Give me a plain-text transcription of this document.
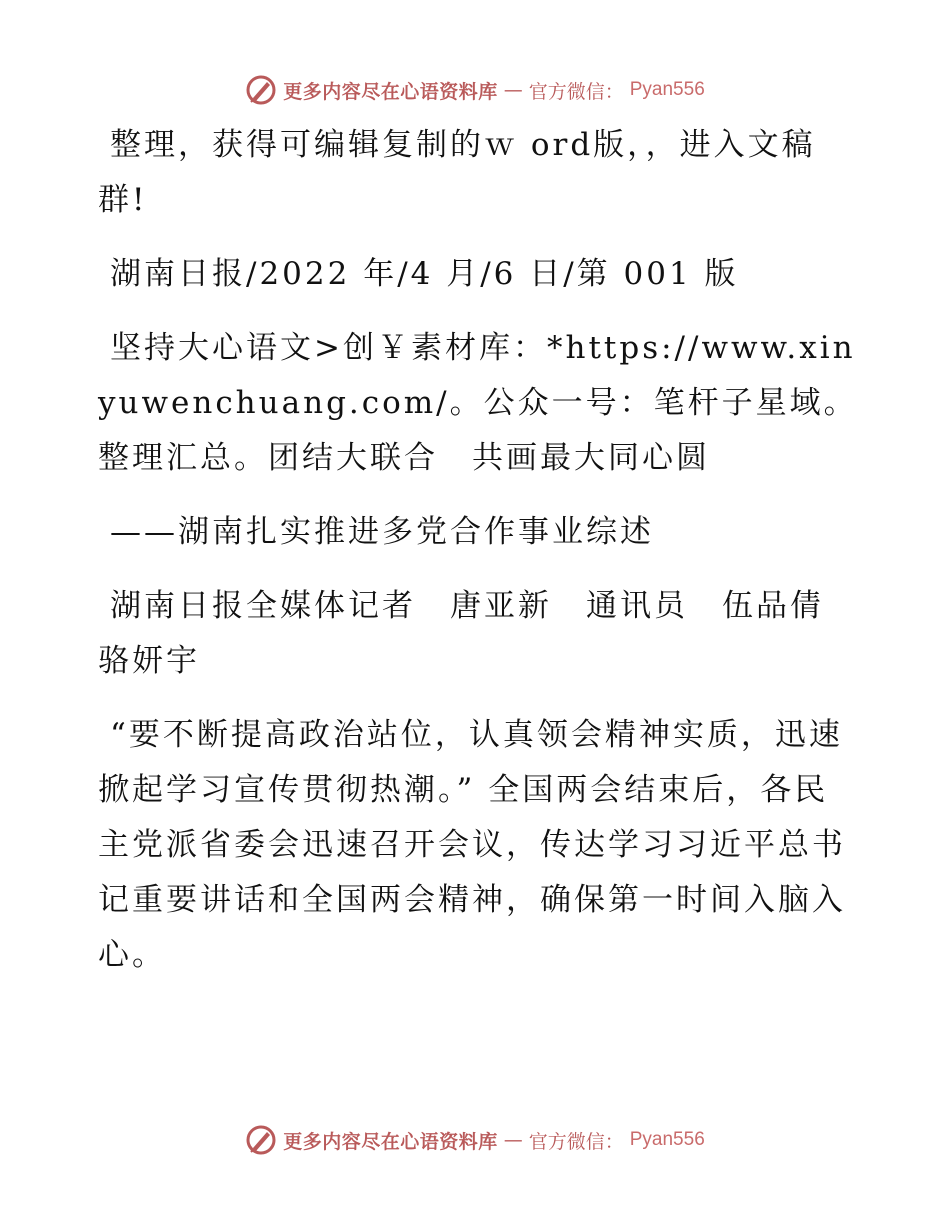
更多内容尽在心语资料库 — 官方微信： Pyan556

整理，获得可编辑复制的ｗ ord版，，进入文稿群!

湖南日报/2022 年/4 月/6 日/第 001 版

坚持大心语文>创￥素材库：*https://www.xinyuwenchuang.com/。公众一号：笔杆子星域。整理汇总。团结大联合　共画最大同心圆

——湖南扎实推进多党合作事业综述

湖南日报全媒体记者　唐亚新　通讯员　伍品倩　骆妍宇

“要不断提高政治站位，认真领会精神实质，迅速掀起学习宣传贯彻热潮。” 全国两会结束后，各民主党派省委会迅速召开会议，传达学习习近平总书记重要讲话和全国两会精神，确保第一时间入脑入心。

更多内容尽在心语资料库 — 官方微信： Pyan556
